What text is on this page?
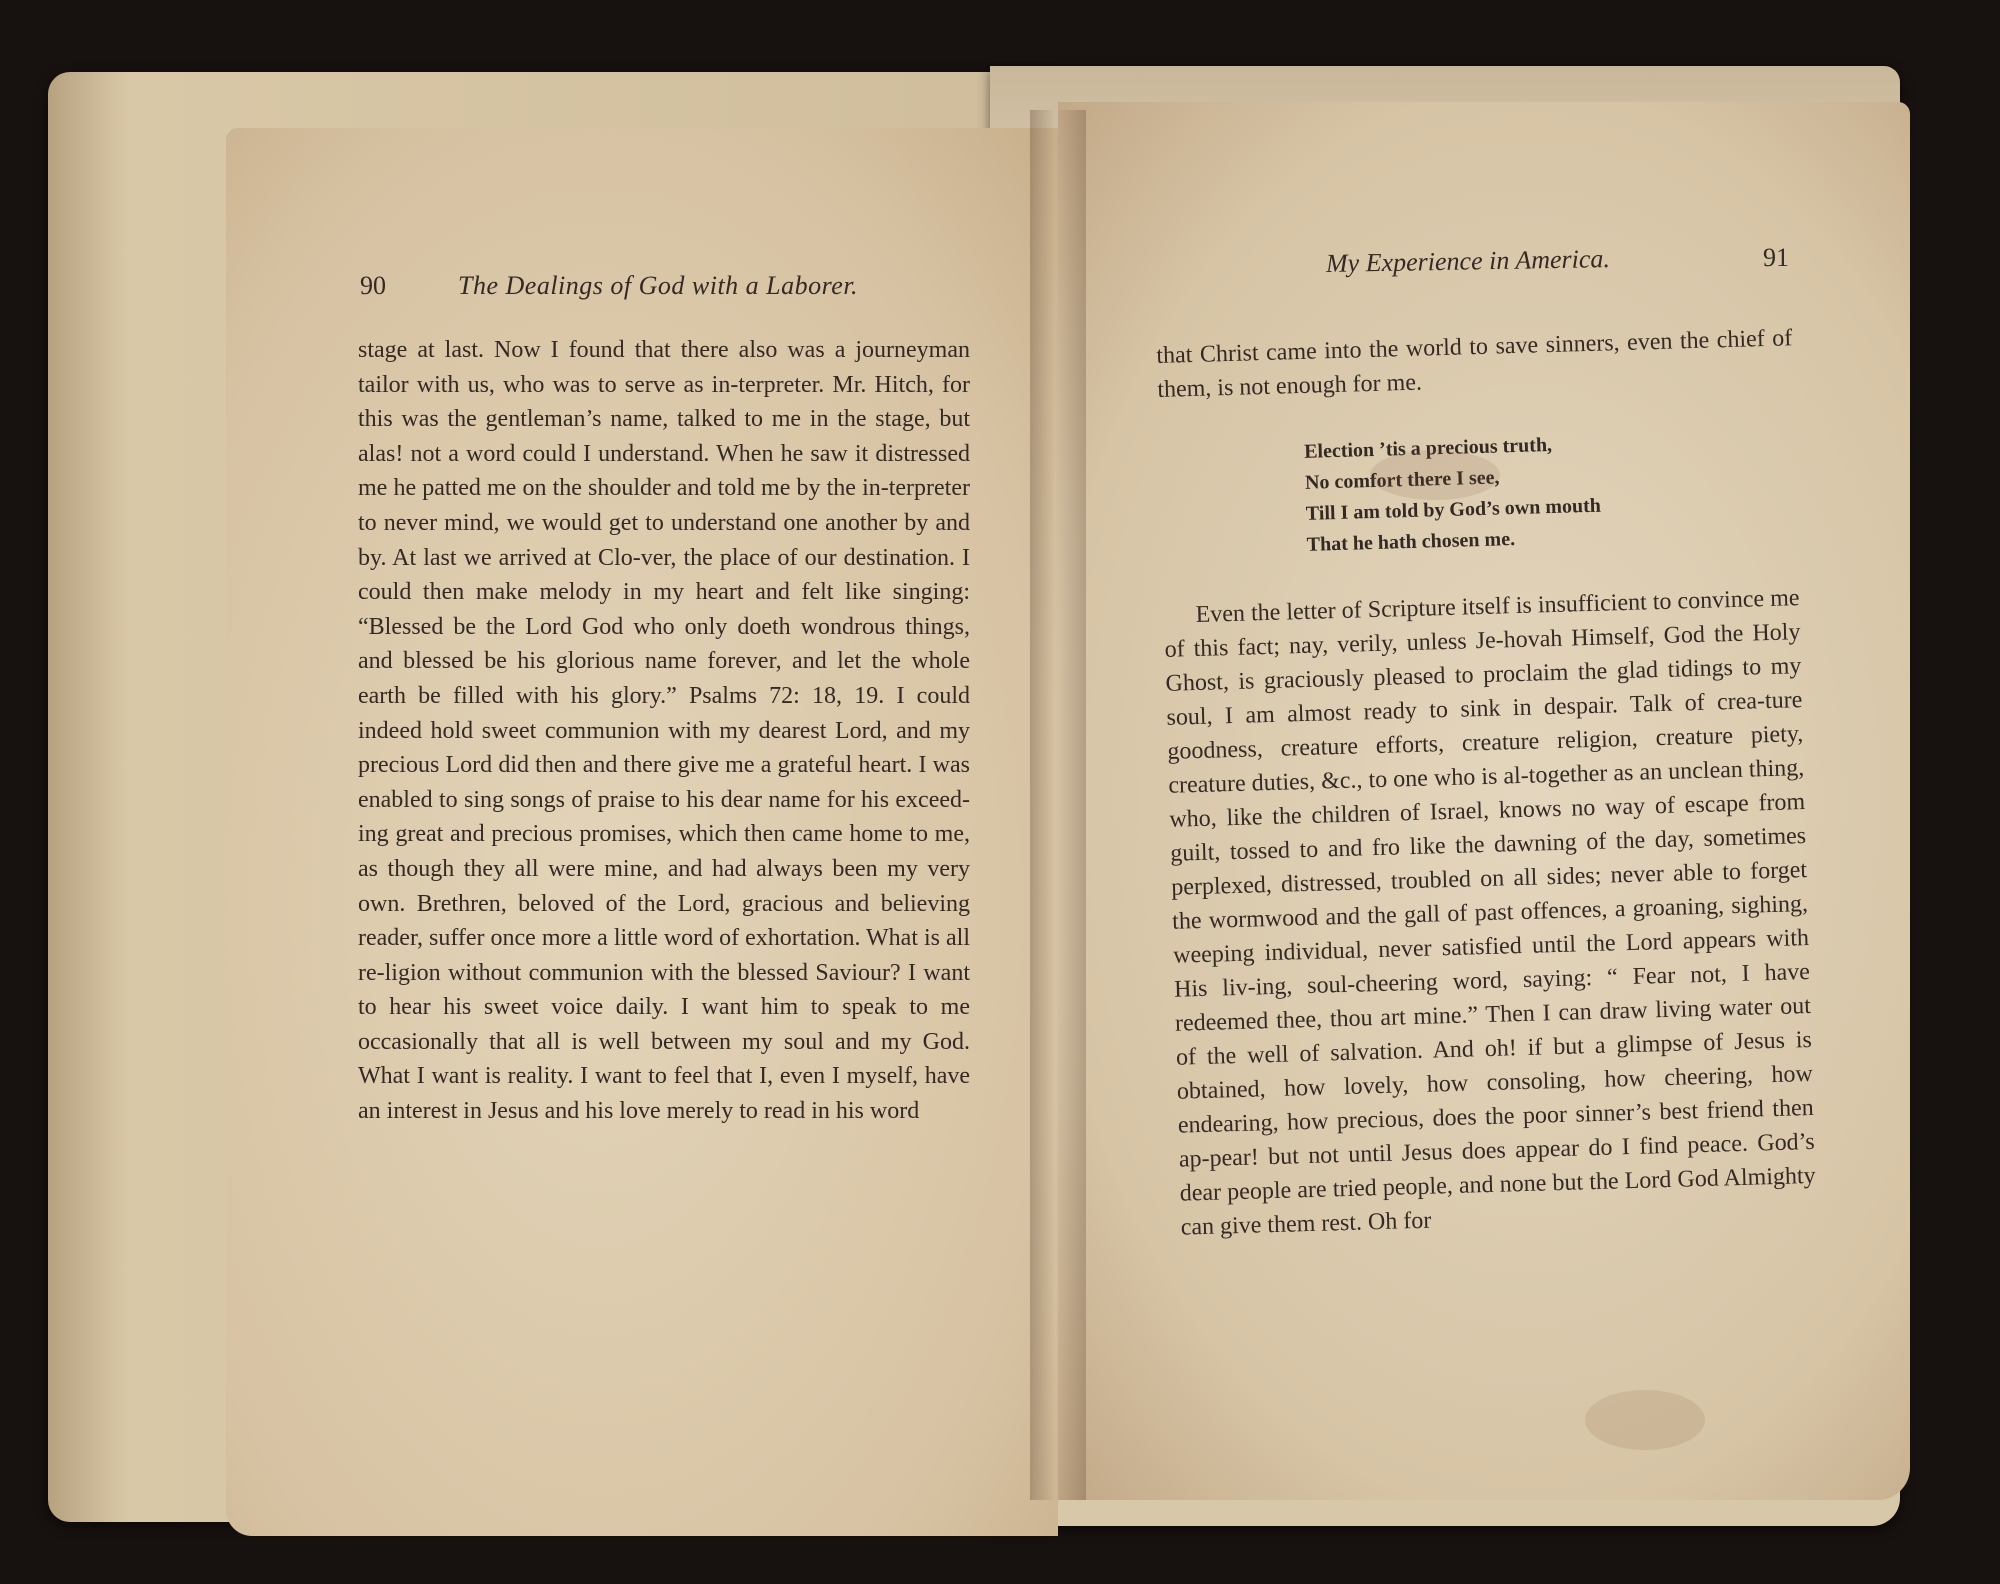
90	The Dealings of God with a Laborer.

stage at last. Now I found that there also was a journeyman tailor with us, who was to serve as in-terpreter. Mr. Hitch, for this was the gentleman’s name, talked to me in the stage, but alas! not a word could I understand. When he saw it distressed me he patted me on the shoulder and told me by the in-terpreter to never mind, we would get to understand one another by and by. At last we arrived at Clo-ver, the place of our destination. I could then make melody in my heart and felt like singing: “Blessed be the Lord God who only doeth wondrous things, and blessed be his glorious name forever, and let the whole earth be filled with his glory.” Psalms 72: 18, 19. I could indeed hold sweet communion with my dearest Lord, and my precious Lord did then and there give me a grateful heart. I was enabled to sing songs of praise to his dear name for his exceed-ing great and precious promises, which then came home to me, as though they all were mine, and had always been my very own. Brethren, beloved of the Lord, gracious and believing reader, suffer once more a little word of exhortation. What is all re-ligion without communion with the blessed Saviour? I want to hear his sweet voice daily. I want him to speak to me occasionally that all is well between my soul and my God. What I want is reality. I want to feel that I, even I myself, have an interest in Jesus and his love merely to read in his word

My Experience in America.	91

that Christ came into the world to save sinners, even the chief of them, is not enough for me.

Election ’tis a precious truth,
No comfort there I see,
Till I am told by God’s own mouth
That he hath chosen me.

Even the letter of Scripture itself is insufficient to convince me of this fact; nay, verily, unless Je-hovah Himself, God the Holy Ghost, is graciously pleased to proclaim the glad tidings to my soul, I am almost ready to sink in despair. Talk of crea-ture goodness, creature efforts, creature religion, creature piety, creature duties, &c., to one who is al-together as an unclean thing, who, like the children of Israel, knows no way of escape from guilt, tossed to and fro like the dawning of the day, sometimes perplexed, distressed, troubled on all sides; never able to forget the wormwood and the gall of past offences, a groaning, sighing, weeping individual, never satisfied until the Lord appears with His liv-ing, soul-cheering word, saying: “ Fear not, I have redeemed thee, thou art mine.” Then I can draw living water out of the well of salvation. And oh! if but a glimpse of Jesus is obtained, how lovely, how consoling, how cheering, how endearing, how precious, does the poor sinner’s best friend then ap-pear! but not until Jesus does appear do I find peace. God’s dear people are tried people, and none but the Lord God Almighty can give them rest. Oh for
